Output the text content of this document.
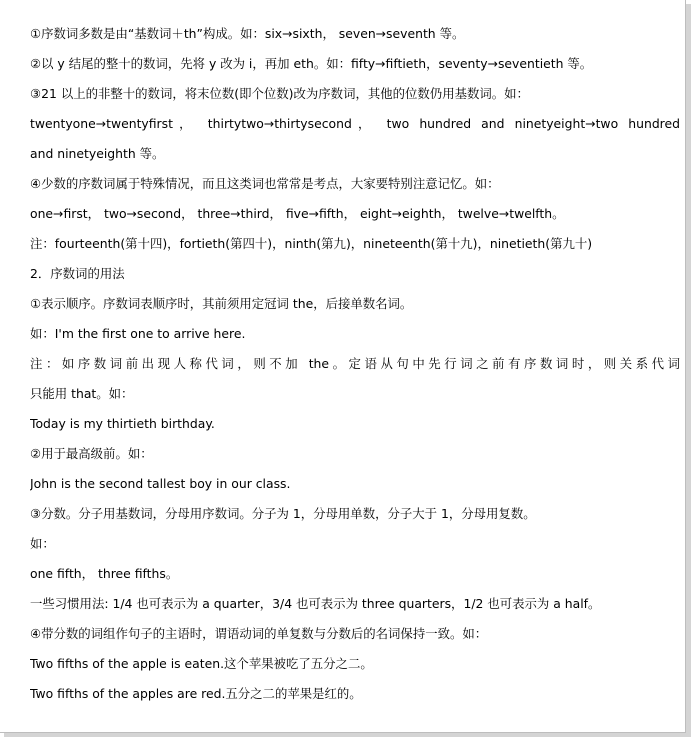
①序数词多数是由“基数词＋th”构成。如：six→sixth， seven→seventh 等。
②以 y 结尾的整十的数词，先将 y 改为 i，再加 eth。如：fifty→fiftieth，seventy→seventieth 等。
③21 以上的非整十的数词，将末位数(即个位数)改为序数词，其他的位数仍用基数词。如：
twentyone→twentyfirst， thirtytwo→thirtysecond， two hundred and ninetyeight→two hundred
and ninetyeighth 等。
④少数的序数词属于特殊情况，而且这类词也常常是考点，大家要特别注意记忆。如：
one→first， two→second， three→third， five→fifth， eight→eighth， twelve→twelfth。
注：fourteenth(第十四)，fortieth(第四十)，ninth(第九)，nineteenth(第十九)，ninetieth(第九十)
2．序数词的用法
①表示顺序。序数词表顺序时，其前须用定冠词 the，后接单数名词。
如：I'm the first one to arrive here.
注：如序数词前出现人称代词，则不加 the。定语从句中先行词之前有序数词时，则关系代词
只能用 that。如：
Today is my thirtieth birthday.
②用于最高级前。如：
John is the second tallest boy in our class.
③分数。分子用基数词，分母用序数词。分子为 1，分母用单数，分子大于 1，分母用复数。
如：
one fifth， three fifths。
一些习惯用法: 1/4 也可表示为 a quarter，3/4 也可表示为 three quarters，1/2 也可表示为 a half。
④带分数的词组作句子的主语时，谓语动词的单复数与分数后的名词保持一致。如：
Two fifths of the apple is eaten.这个苹果被吃了五分之二。
Two fifths of the apples are red.五分之二的苹果是红的。
